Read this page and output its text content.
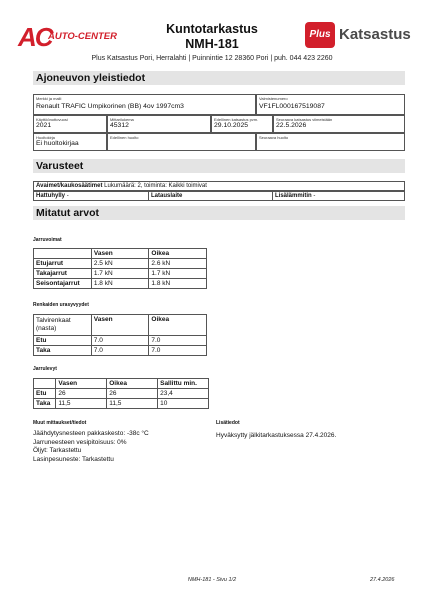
AC
AUTO-CENTER
Kuntotarkastus
NMH-181
Plus Katsastus
Plus Katsastus Pori, Herralahti | Puinnintie 12 28360 Pori | puh. 044 423 2260
Ajoneuvon yleistiedot
Merkki ja malli
Renault TRAFIC Umpikorinen (BB) 4ov 1997cm3
Valmistenumero
VF1FL000167519087
Käyttöönottovuosi
2021
Mittarilukema
45312
Edellinen katsastus pvm.
29.10.2025
Seuraava katsastus viimeistään
22.5.2026
Huoltokirja
Ei huoltokirjaa
Edellinen huolto	Seuraava huolto
Varusteet
Avaimet/kaukosäätimet Lukumäärä: 2, toiminta: Kaikki toimivat
Hattuhylly -	Latauslaite	Lisälämmitin -
Mitatut arvot
Jarruvoimat
	Vasen	Oikea
Etujarrut	2.5 kN	2.6 kN
Takajarrut	1.7 kN	1.7 kN
Seisontajarrut	1.8 kN	1.8 kN
Renkaiden urasyvyydet
Talvirenkaat
(nasta)	Vasen	Oikea
Etu	7.0	7.0
Taka	7.0	7.0
Jarrulevyt
	Vasen	Oikea	Sallittu min.
Etu	26	26	23,4
Taka	11,5	11,5	10
Muut mittaukset/tiedot
Jäähdytysnesteen pakkaskesto: -38c °C
Jarruneesteen vesipitoisuus: 0%
Öljyt: Tarkastettu
Lasinpesuneste: Tarkastettu
Lisätiedot
Hyväksytty jälkitarkastuksessa 27.4.2026.
NMH-181 - Sivu 1/2	27.4.2026
